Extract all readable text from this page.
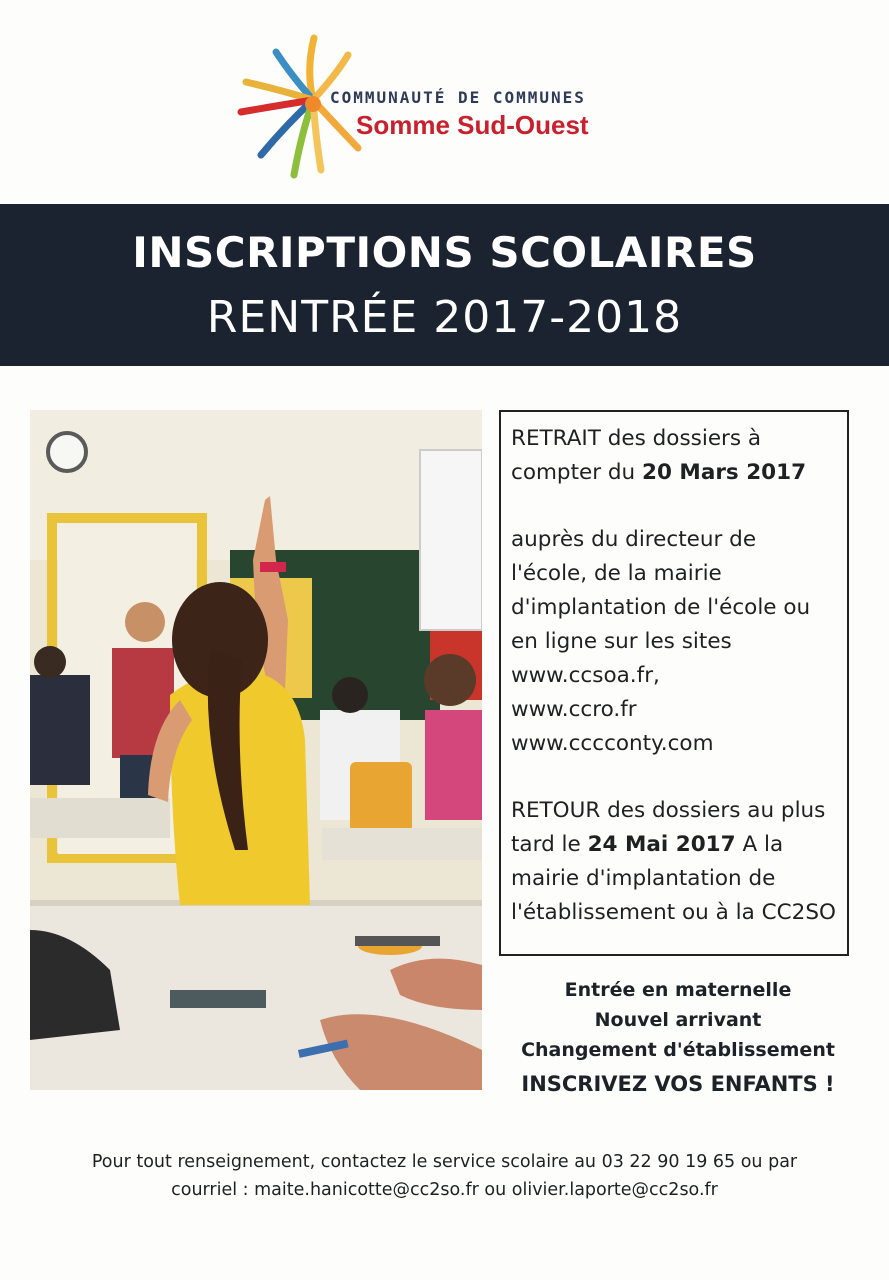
COMMUNAUTÉ DE COMMUNES
Somme Sud-Ouest
INSCRIPTIONS SCOLAIRES
RENTRÉE 2017-2018

RETRAIT des dossiers à compter du 20 Mars 2017

auprès du directeur de l'école, de la mairie d'implantation de l'école ou en ligne sur les sites
www.ccsoa.fr,
www.ccro.fr
www.cccconty.com

RETOUR des dossiers au plus tard le 24 Mai 2017 A la mairie d'implantation de l'établissement ou à la CC2SO

Entrée en maternelle
Nouvel arrivant
Changement d'établissement
INSCRIVEZ VOS ENFANTS !
Pour tout renseignement, contactez le service scolaire au 03 22 90 19 65 ou par
courriel : maite.hanicotte@cc2so.fr ou olivier.laporte@cc2so.fr
